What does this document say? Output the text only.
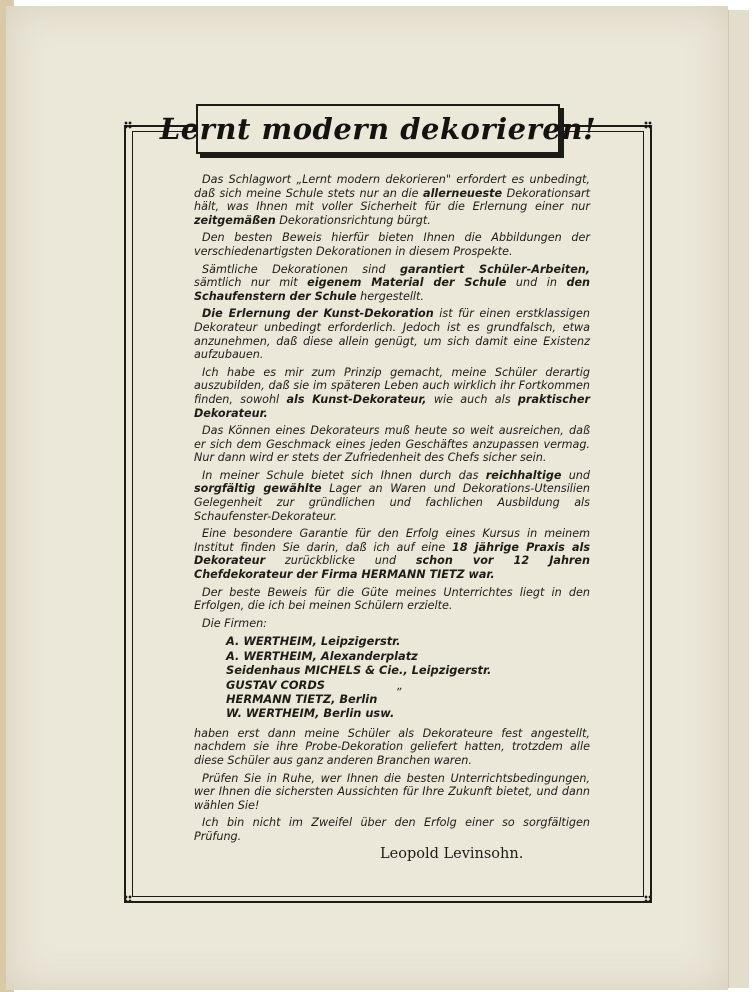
Lernt modern dekorieren!

Das Schlagwort „Lernt modern dekorieren" erfordert es unbedingt, daß sich meine Schule stets nur an die allerneueste Dekorationsart hält, was Ihnen mit voller Sicherheit für die Erlernung einer nur zeitgemäßen Dekorationsrichtung bürgt.

Den besten Beweis hierfür bieten Ihnen die Abbildungen der verschiedenartigsten Dekorationen in diesem Prospekte.

Sämtliche Dekorationen sind garantiert Schüler-Arbeiten, sämtlich nur mit eigenem Material der Schule und in den Schaufenstern der Schule hergestellt.

Die Erlernung der Kunst-Dekoration ist für einen erstklassigen Dekorateur unbedingt erforderlich. Jedoch ist es grundfalsch, etwa anzunehmen, daß diese allein genügt, um sich damit eine Existenz aufzubauen.

Ich habe es mir zum Prinzip gemacht, meine Schüler derartig auszubilden, daß sie im späteren Leben auch wirklich ihr Fortkommen finden, sowohl als Kunst-Dekorateur, wie auch als praktischer Dekorateur.

Das Können eines Dekorateurs muß heute so weit ausreichen, daß er sich dem Geschmack eines jeden Geschäftes anzupassen vermag. Nur dann wird er stets der Zufriedenheit des Chefs sicher sein.

In meiner Schule bietet sich Ihnen durch das reichhaltige und sorgfältig gewählte Lager an Waren und Dekorations-Utensilien Gelegenheit zur gründlichen und fachlichen Ausbildung als Schaufenster-Dekorateur.

Eine besondere Garantie für den Erfolg eines Kursus in meinem Institut finden Sie darin, daß ich auf eine 18 jährige Praxis als Dekorateur zurückblicke und schon vor 12 Jahren Chefdekorateur der Firma HERMANN TIETZ war.

Der beste Beweis für die Güte meines Unterrichtes liegt in den Erfolgen, die ich bei meinen Schülern erzielte.

Die Firmen:

A. WERTHEIM, Leipzigerstr.
A. WERTHEIM, Alexanderplatz
Seidenhaus MICHELS & Cie., Leipzigerstr.
GUSTAV CORDS	„
HERMANN TIETZ, Berlin
W. WERTHEIM, Berlin usw.

haben erst dann meine Schüler als Dekorateure fest angestellt, nachdem sie ihre Probe-Dekoration geliefert hatten, trotzdem alle diese Schüler aus ganz anderen Branchen waren.

Prüfen Sie in Ruhe, wer Ihnen die besten Unterrichtsbedingungen, wer Ihnen die sichersten Aussichten für Ihre Zukunft bietet, und dann wählen Sie!

Ich bin nicht im Zweifel über den Erfolg einer so sorgfältigen Prüfung.

Leopold Levinsohn.
